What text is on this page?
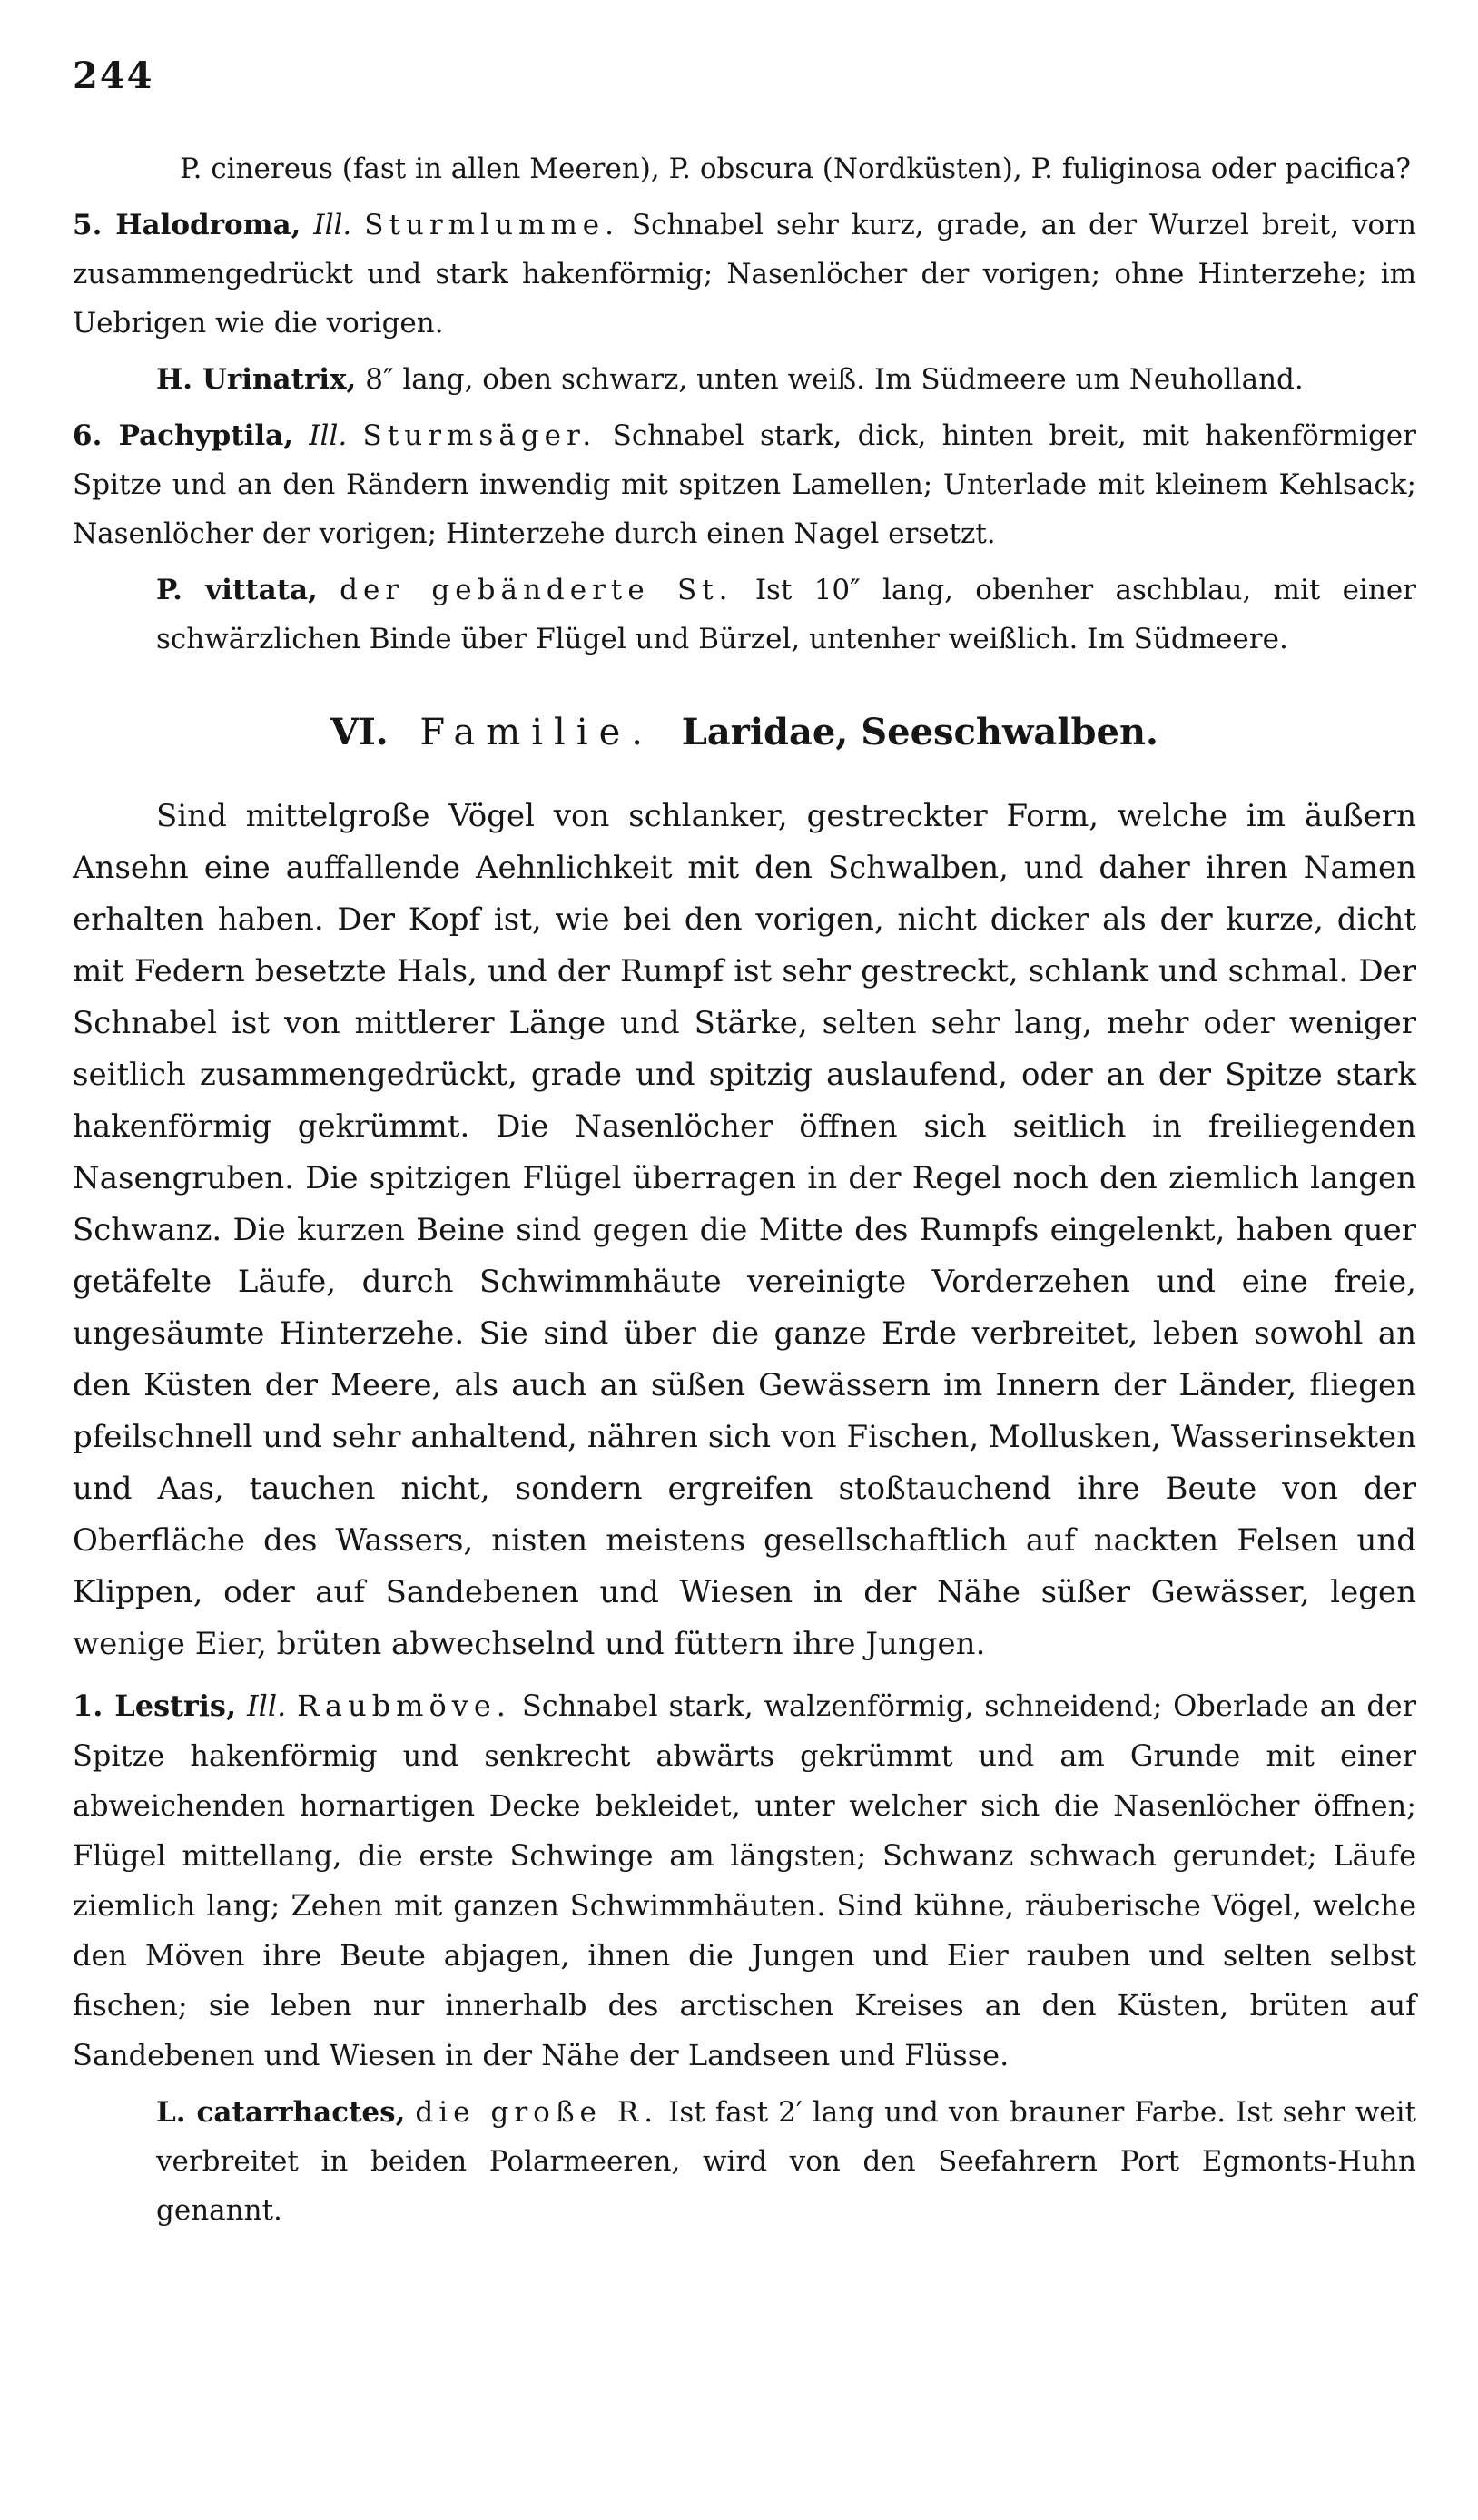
244

P. cinereus (fast in allen Meeren), P. obscura (Nordküsten), P. fuliginosa oder pacifica?

5. Halodroma, Ill. Sturmlumme. Schnabel sehr kurz, grade, an der Wurzel breit, vorn zusammengedrückt und stark hakenförmig; Nasenlöcher der vorigen; ohne Hinterzehe; im Uebrigen wie die vorigen.

H. Urinatrix, 8″ lang, oben schwarz, unten weiß. Im Südmeere um Neuholland.

6. Pachyptila, Ill. Sturmsäger. Schnabel stark, dick, hinten breit, mit hakenförmiger Spitze und an den Rändern inwendig mit spitzen Lamellen; Unterlade mit kleinem Kehlsack; Nasenlöcher der vorigen; Hinterzehe durch einen Nagel ersetzt.

P. vittata, der gebänderte St. Ist 10″ lang, obenher aschblau, mit einer schwärzlichen Binde über Flügel und Bürzel, untenher weißlich. Im Südmeere.

VI. Familie. Laridae, Seeschwalben.

Sind mittelgroße Vögel von schlanker, gestreckter Form, welche im äußern Ansehn eine auffallende Aehnlichkeit mit den Schwalben, und daher ihren Namen erhalten haben. Der Kopf ist, wie bei den vorigen, nicht dicker als der kurze, dicht mit Federn besetzte Hals, und der Rumpf ist sehr gestreckt, schlank und schmal. Der Schnabel ist von mittlerer Länge und Stärke, selten sehr lang, mehr oder weniger seitlich zusammengedrückt, grade und spitzig auslaufend, oder an der Spitze stark hakenförmig gekrümmt. Die Nasenlöcher öffnen sich seitlich in freiliegenden Nasengruben. Die spitzigen Flügel überragen in der Regel noch den ziemlich langen Schwanz. Die kurzen Beine sind gegen die Mitte des Rumpfs eingelenkt, haben quer getäfelte Läufe, durch Schwimmhäute vereinigte Vorderzehen und eine freie, ungesäumte Hinterzehe. Sie sind über die ganze Erde verbreitet, leben sowohl an den Küsten der Meere, als auch an süßen Gewässern im Innern der Länder, fliegen pfeilschnell und sehr anhaltend, nähren sich von Fischen, Mollusken, Wasserinsekten und Aas, tauchen nicht, sondern ergreifen stoßtauchend ihre Beute von der Oberfläche des Wassers, nisten meistens gesellschaftlich auf nackten Felsen und Klippen, oder auf Sandebenen und Wiesen in der Nähe süßer Gewässer, legen wenige Eier, brüten abwechselnd und füttern ihre Jungen.

1. Lestris, Ill. Raubmöve. Schnabel stark, walzenförmig, schneidend; Oberlade an der Spitze hakenförmig und senkrecht abwärts gekrümmt und am Grunde mit einer abweichenden hornartigen Decke bekleidet, unter welcher sich die Nasenlöcher öffnen; Flügel mittellang, die erste Schwinge am längsten; Schwanz schwach gerundet; Läufe ziemlich lang; Zehen mit ganzen Schwimmhäuten. Sind kühne, räuberische Vögel, welche den Möven ihre Beute abjagen, ihnen die Jungen und Eier rauben und selten selbst fischen; sie leben nur innerhalb des arctischen Kreises an den Küsten, brüten auf Sandebenen und Wiesen in der Nähe der Landseen und Flüsse.

L. catarrhactes, die große R. Ist fast 2′ lang und von brauner Farbe. Ist sehr weit verbreitet in beiden Polarmeeren, wird von den Seefahrern Port Egmonts-Huhn genannt.
